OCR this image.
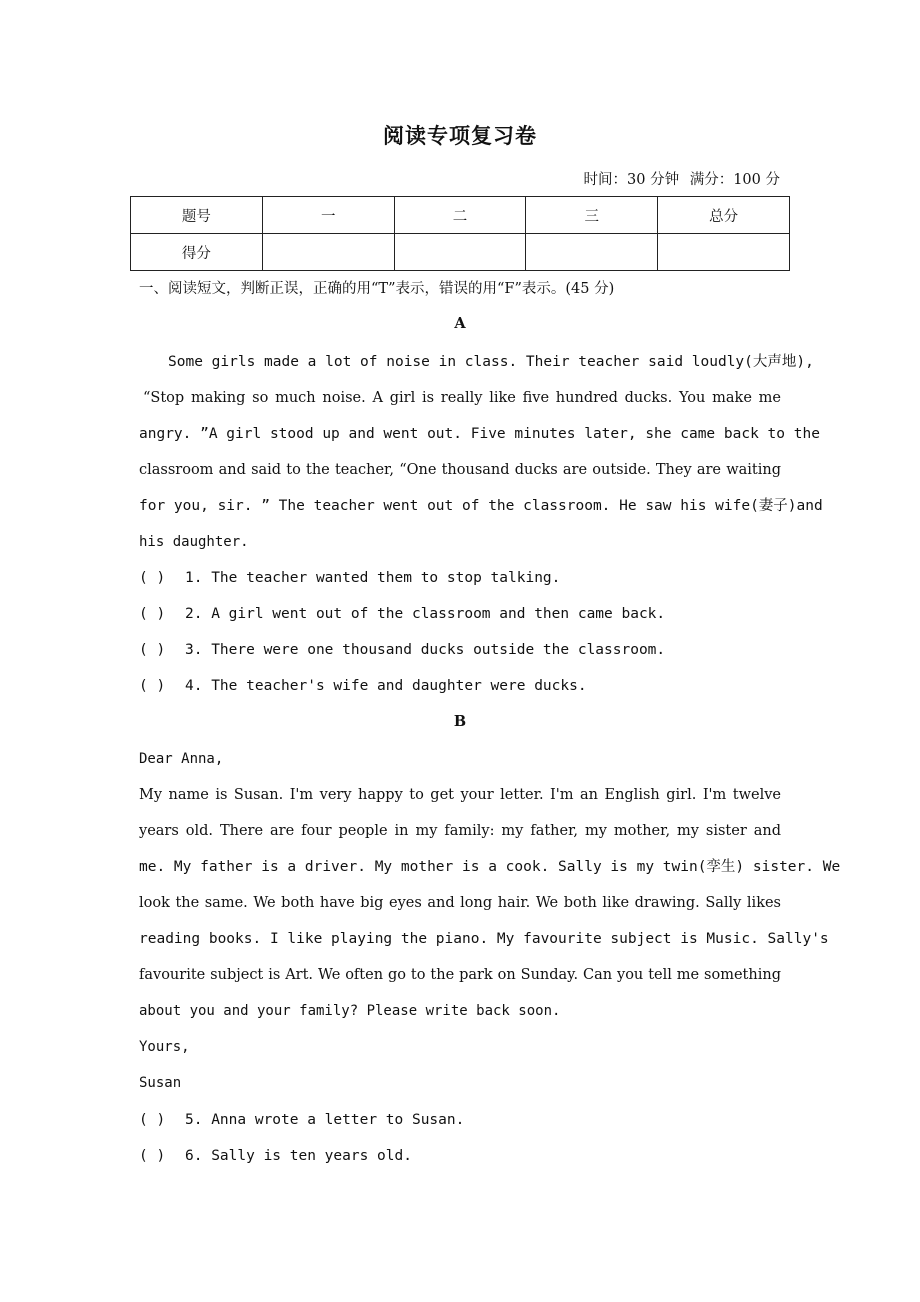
阅读专项复习卷
时间：30 分钟 满分：100 分
题号	一	二	三	总分
得分				
一、阅读短文，判断正误，正确的用“T”表示，错误的用“F”表示。(45 分)
A
Some girls made a lot of noise in class. Their teacher said loudly(大声地),
“Stop making so much noise. A girl is really like five hundred ducks. You make me
angry. ”A girl stood up and went out. Five minutes later, she came back to the
classroom and said to the teacher, “One thousand ducks are outside. They are waiting
for you, sir. ” The teacher went out of the classroom. He saw his wife(妻子)and
his daughter.
( ) 1. The teacher wanted them to stop talking.
( ) 2. A girl went out of the classroom and then came back.
( ) 3. There were one thousand ducks outside the classroom.
( ) 4. The teacher's wife and daughter were ducks.
B
Dear Anna,
My name is Susan. I'm very happy to get your letter. I'm an English girl. I'm twelve
years old. There are four people in my family: my father, my mother, my sister and
me. My father is a driver. My mother is a cook. Sally is my twin(孪生) sister. We
look the same. We both have big eyes and long hair. We both like drawing. Sally likes
reading books. I like playing the piano. My favourite subject is Music. Sally's
favourite subject is Art. We often go to the park on Sunday. Can you tell me something
about you and your family? Please write back soon.
Yours,
Susan
( ) 5. Anna wrote a letter to Susan.
( ) 6. Sally is ten years old.
